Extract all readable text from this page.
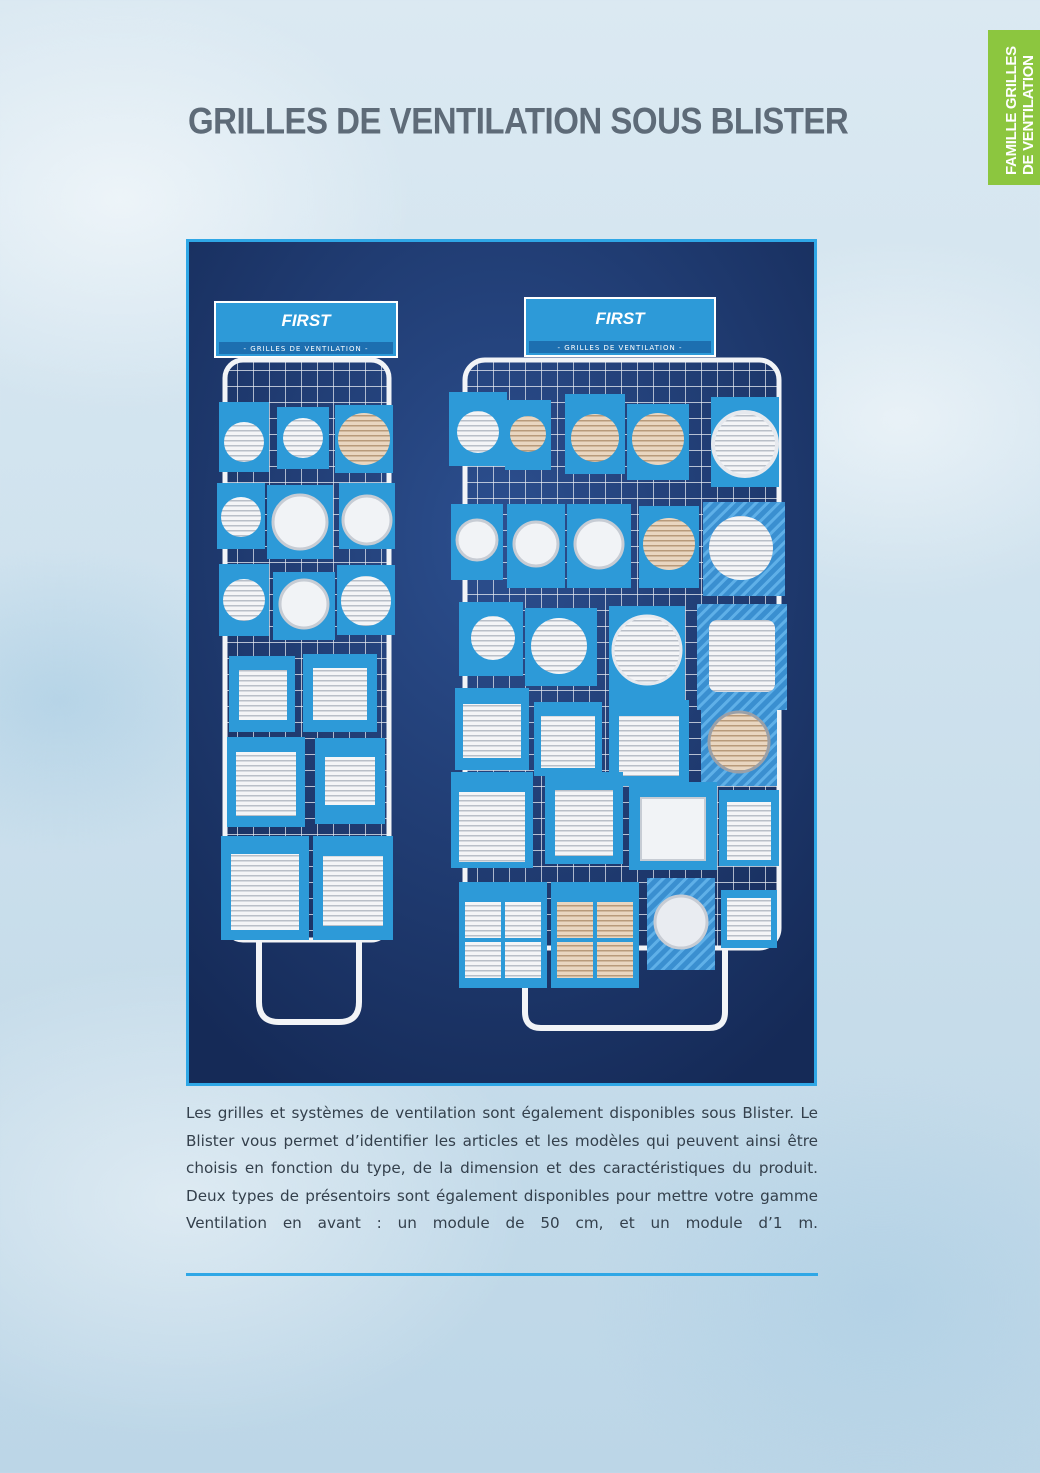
FAMILLE GRILLES DE VENTILATION
GRILLES DE VENTILATION SOUS BLISTER
FIRST
- GRILLES DE VENTILATION -
FIRST
- GRILLES DE VENTILATION -

Les grilles et systèmes de ventilation sont également disponibles sous Blister. Le Blister vous permet d’identifier les articles et les modèles qui peuvent ainsi être choisis en fonction du type, de la dimension et des caractéristiques du produit. Deux types de présentoirs sont également disponibles pour mettre votre gamme Ventilation en avant : un module de 50 cm, et un module d’1 m.
